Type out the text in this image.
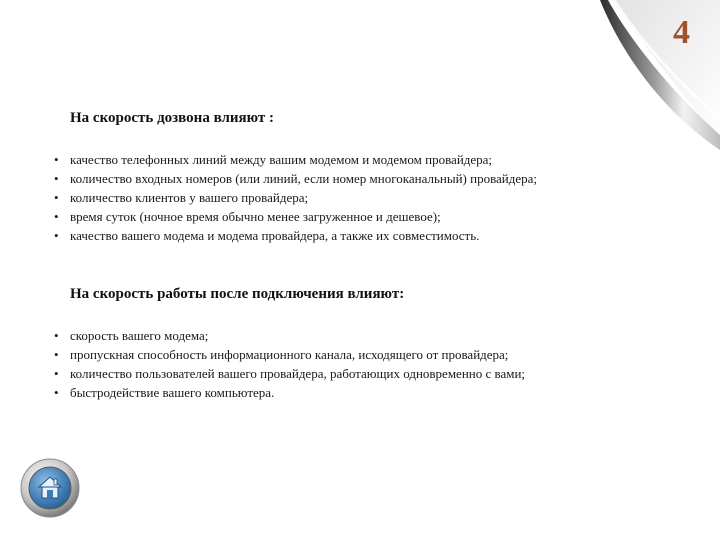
4
На скорость дозвона влияют :
• качество телефонных линий между вашим модемом и модемом провайдера;
• количество входных номеров (или линий, если номер многоканальный) провайдера;
• количество клиентов у вашего провайдера;
• время суток (ночное время обычно менее загруженное и дешевое);
• качество вашего модема и модема провайдера, а также их совместимость.
На скорость работы после подключения влияют:
• скорость вашего модема;
• пропускная способность информационного канала, исходящего от провайдера;
• количество пользователей вашего провайдера, работающих одновременно с вами;
• быстродействие вашего компьютера.
